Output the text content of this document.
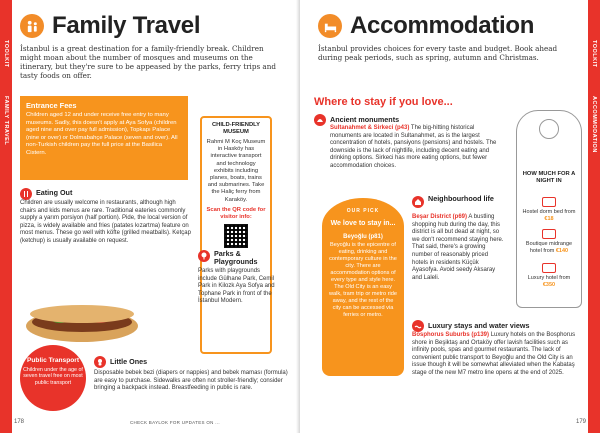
TOOLKIT
FAMILY TRAVEL
Family Travel
İstanbul is a great destination for a family-friendly break. Children might moan about the number of mosques and museums on the itinerary, but they're sure to be appeased by the parks, ferry trips and tasty foods on offer.
Entrance Fees
Children aged 12 and under receive free entry to many museums. Sadly, this doesn't apply at Aya Sofya (children aged nine and over pay full admission), Topkapı Palace (nine or over) or Dolmabahçe Palace (seven and over). All non-Turkish children pay the full price at the Basilica Cistern.
CHILD-FRIENDLY MUSEUM
Rahmi M Koç Museum in Hasköy has interactive transport and technology exhibits including planes, boats, trains and submarines. Take the Haliç ferry from Karaköy.
Scan the QR code for visitor info:
Eating Out
Children are usually welcome in restaurants, although high chairs and kids menus are rare. Traditional eateries commonly supply a yarım porsiyon (half portion). Pide, the local version of pizza, is widely available and fries (patates kızartma) feature on most menus. These go well with köfte (grilled meatballs). Ketçap (ketchup) is usually available on request.
Parks & Playgrounds
Parks with playgrounds include Gülhane Park, Cemil Park in Kilozk Aya Sofya and Tophane Park in front of the İstanbul Modern.
Public Transport
Children under the age of seven travel free on most public transport
Little Ones
Disposable bebek bezi (diapers or nappies) and bebek maması (formula) are easy to purchase. Sidewalks are often not stroller-friendly; consider bringing a backpack instead. Breastfeeding in public is rare.
178	CHECK BAYLOK FOR UPDATES ON ...
TOOLKIT
ACCOMMODATION
Accommodation
İstanbul provides choices for every taste and budget. Book ahead during peak periods, such as spring, autumn and Christmas.
Where to stay if you love...
Ancient monuments
Sultanahmet & Sirkeci (p43) The big-hitting historical monuments are located in Sultanahmet, as is the largest concentration of hotels, pansiyons (pensions) and hostels. The downside is the lack of nightlife, including decent eating and drinking options. Sirkeci has more eating options, but fewer accommodation choices.
OUR PICK
We love to stay in...
Beyoğlu (p81)
Beyoğlu is the epicentre of eating, drinking and contemporary culture in the city. There are accommodation options of every type and style here. The Old City is an easy walk, tram trip or metro ride away, and the rest of the city can be accessed via ferries or metro.
Neighbourhood life
Beşar District (p69) A bustling shopping hub during the day, this district is all but dead at night, so we don't recommend staying here. That said, there's a growing number of reasonably priced hotels in residents Küçük Ayasofya. Avoid seedy Aksaray and Laleli.
HOW MUCH FOR A NIGHT IN
Hostel dorm bed from €18
Boutique midrange hotel from €140
Luxury hotel from €350
Luxury stays and water views
Bosphorus Suburbs (p139) Luxury hotels on the Bosphorus shore in Beşiktaş and Ortaköy offer lavish facilities such as infinity pools, spas and gourmet restaurants. The lack of convenient public transport to Beyoğlu and the Old City is an issue though it will be somewhat alleviated when the Kabataş stage of the new M7 metro line opens at the end of 2025.
179
